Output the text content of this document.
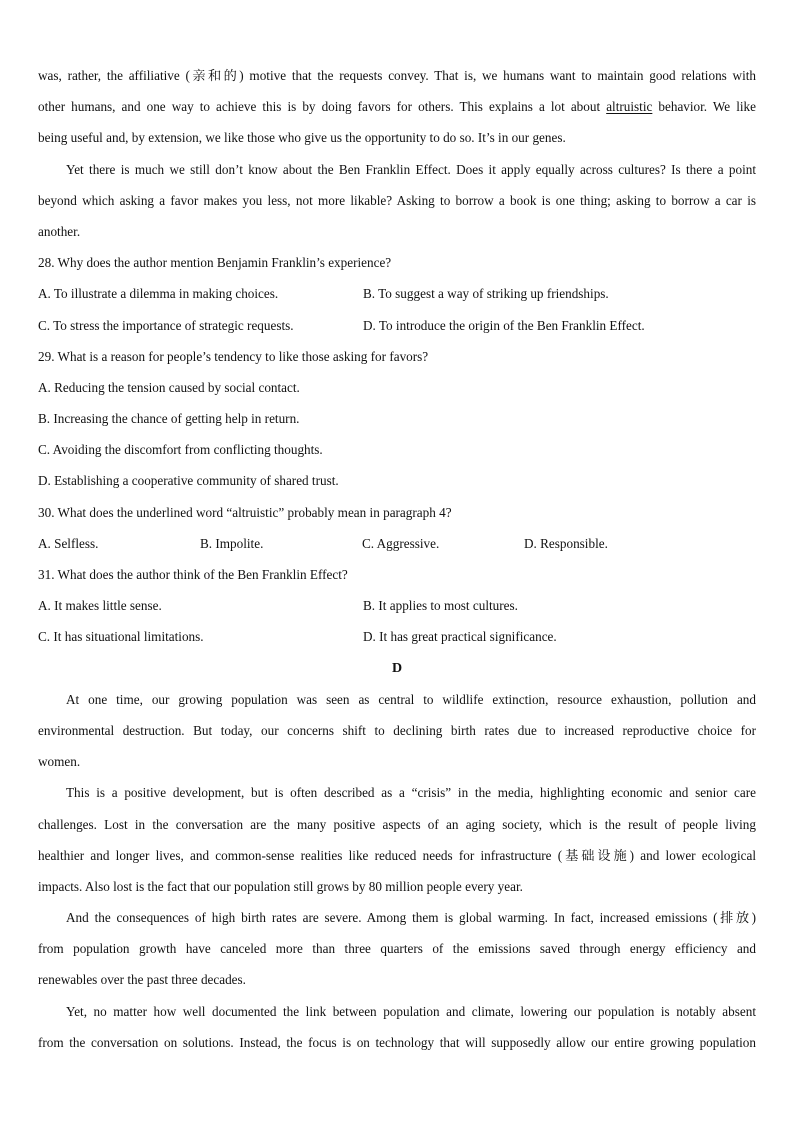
was, rather, the affiliative (亲和的) motive that the requests convey. That is, we humans want to maintain good relations with
other humans, and one way to achieve this is by doing favors for others. This explains a lot about altruistic behavior. We like
being useful and, by extension, we like those who give us the opportunity to do so. It’s in our genes.
Yet there is much we still don’t know about the Ben Franklin Effect. Does it apply equally across cultures? Is there a point
beyond which asking a favor makes you less, not more likable? Asking to borrow a book is one thing; asking to borrow a car is
another.
28. Why does the author mention Benjamin Franklin’s experience?
A. To illustrate a dilemma in making choices.	B. To suggest a way of striking up friendships.
C. To stress the importance of strategic requests.	D. To introduce the origin of the Ben Franklin Effect.
29. What is a reason for people’s tendency to like those asking for favors?
A. Reducing the tension caused by social contact.
B. Increasing the chance of getting help in return.
C. Avoiding the discomfort from conflicting thoughts.
D. Establishing a cooperative community of shared trust.
30. What does the underlined word “altruistic” probably mean in paragraph 4?
A. Selfless.	B. Impolite.	C. Aggressive.	D. Responsible.
31. What does the author think of the Ben Franklin Effect?
A. It makes little sense.	B. It applies to most cultures.
C. It has situational limitations.	D. It has great practical significance.
D
At one time, our growing population was seen as central to wildlife extinction, resource exhaustion, pollution and
environmental destruction. But today, our concerns shift to declining birth rates due to increased reproductive choice for
women.
This is a positive development, but is often described as a “crisis” in the media, highlighting economic and senior care
challenges. Lost in the conversation are the many positive aspects of an aging society, which is the result of people living
healthier and longer lives, and common-sense realities like reduced needs for infrastructure (基础设施) and lower ecological
impacts. Also lost is the fact that our population still grows by 80 million people every year.
And the consequences of high birth rates are severe. Among them is global warming. In fact, increased emissions (排放)
from population growth have canceled more than three quarters of the emissions saved through energy efficiency and
renewables over the past three decades.
Yet, no matter how well documented the link between population and climate, lowering our population is notably absent
from the conversation on solutions. Instead, the focus is on technology that will supposedly allow our entire growing population
